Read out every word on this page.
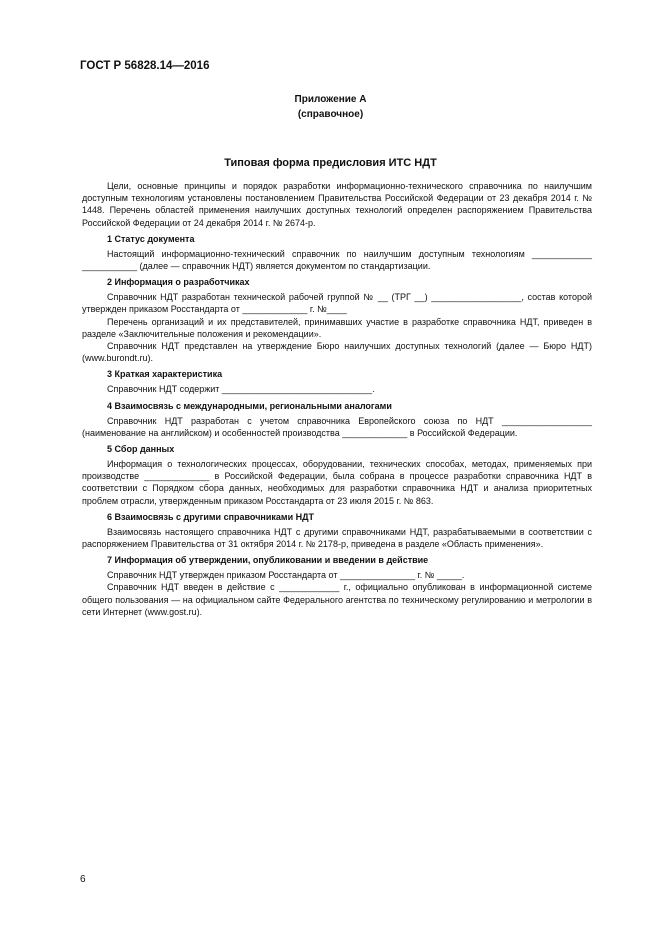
ГОСТ Р 56828.14—2016
Приложение А
(справочное)
Типовая форма предисловия ИТС НДТ

Цели, основные принципы и порядок разработки информационно-технического справочника по наилучшим доступным технологиям установлены постановлением Правительства Российской Федерации от 23 декабря 2014 г. № 1448. Перечень областей применения наилучших доступных технологий определен распоряжением Правительства Российской Федерации от 24 декабря 2014 г. № 2674-р.

1 Статус документа

Настоящий информационно-технический справочник по наилучшим доступным технологиям ____________ ___________ (далее — справочник НДТ) является документом по стандартизации.

2 Информация о разработчиках

Справочник НДТ разработан технической рабочей группой № __ (ТРГ __) __________________, состав которой утвержден приказом Росстандарта от _____________ г. №____

Перечень организаций и их представителей, принимавших участие в разработке справочника НДТ, приведен в разделе «Заключительные положения и рекомендации».

Справочник НДТ представлен на утверждение Бюро наилучших доступных технологий (далее — Бюро НДТ) (www.burondt.ru).

3 Краткая характеристика

Справочник НДТ содержит ______________________________.

4 Взаимосвязь с международными, региональными аналогами

Справочник НДТ разработан с учетом справочника Европейского союза по НДТ __________________ (наименование на английском) и особенностей производства _____________ в Российской Федерации.

5 Сбор данных

Информация о технологических процессах, оборудовании, технических способах, методах, применяемых при производстве _____________ в Российской Федерации, была собрана в процессе разработки справочника НДТ в соответствии с Порядком сбора данных, необходимых для разработки справочника НДТ и анализа приоритетных проблем отрасли, утвержденным приказом Росстандарта от 23 июля 2015 г. № 863.

6 Взаимосвязь с другими справочниками НДТ

Взаимосвязь настоящего справочника НДТ с другими справочниками НДТ, разрабатываемыми в соответствии с распоряжением Правительства от 31 октября 2014 г. № 2178-р, приведена в разделе «Область применения».

7 Информация об утверждении, опубликовании и введении в действие

Справочник НДТ утвержден приказом Росстандарта от _______________ г. № _____.

Справочник НДТ введен в действие с ____________ г., официально опубликован в информационной системе общего пользования — на официальном сайте Федерального агентства по техническому регулированию и метрологии в сети Интернет (www.gost.ru).

6
